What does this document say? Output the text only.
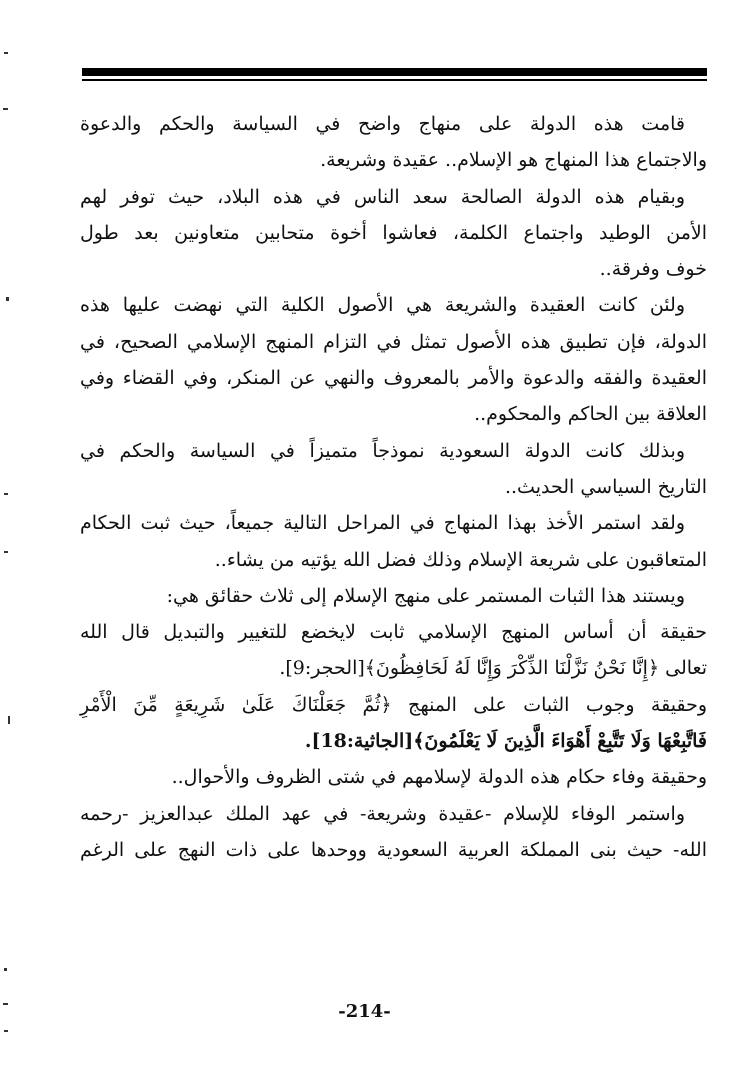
قامت هذه الدولة على منهاج واضح في السياسة والحكم والدعوة
والاجتماع هذا المنهاج هو الإسلام.. عقيدة وشريعة.
وبقيام هذه الدولة الصالحة سعد الناس في هذه البلاد، حيث توفر لهم
الأمن الوطيد واجتماع الكلمة، فعاشوا أخوة متحابين متعاونين بعد طول
خوف وفرقة..
ولئن كانت العقيدة والشريعة هي الأصول الكلية التي نهضت عليها هذه
الدولة، فإن تطبيق هذه الأصول تمثل في التزام المنهج الإسلامي الصحيح، في
العقيدة والفقه والدعوة والأمر بالمعروف والنهي عن المنكر، وفي القضاء وفي
العلاقة بين الحاكم والمحكوم..
وبذلك كانت الدولة السعودية نموذجاً متميزاً في السياسة والحكم في
التاريخ السياسي الحديث..
ولقد استمر الأخذ بهذا المنهاج في المراحل التالية جميعاً، حيث ثبت الحكام
المتعاقبون على شريعة الإسلام وذلك فضل الله يؤتيه من يشاء..
ويستند هذا الثبات المستمر على منهج الإسلام إلى ثلاث حقائق هي:
حقيقة أن أساس المنهج الإسلامي ثابت لايخضع للتغيير والتبديل قال الله
تعالى ﴿إِنَّا نَحْنُ نَزَّلْنَا الذِّكْرَ وَإِنَّا لَهُ لَحَافِظُونَ﴾[الحجر:9].
وحقيقة وجوب الثبات على المنهج ﴿ثُمَّ جَعَلْنَاكَ عَلَىٰ شَرِيعَةٍ مِّنَ الْأَمْرِ
فَاتَّبِعْهَا وَلَا تَتَّبِعْ أَهْوَاءَ الَّذِينَ لَا يَعْلَمُونَ﴾[الجاثية:18].
وحقيقة وفاء حكام هذه الدولة لإسلامهم في شتى الظروف والأحوال..
واستمر الوفاء للإسلام -عقيدة وشريعة- في عهد الملك عبدالعزيز -رحمه
الله- حيث بنى المملكة العربية السعودية ووحدها على ذات النهج على الرغم
-214-
